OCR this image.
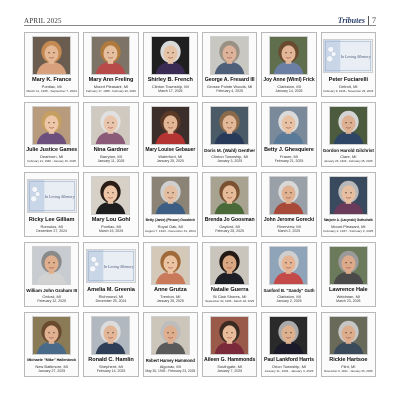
APRIL 2025	Tributes 7
Mary K. France
Pontiac, MI
March 11, 1935 - September 7, 2024
Mary Ann Freling
Mount Pleasant, MI
February 17, 1958 - February 20, 2025
Shirley B. French
Clinton Township, MI
March 17, 2025
George A. Fresard III
Grosse Pointe Woods, MI
February 4, 2025
Joy Anne (Wiml) Frick
Clarkston, MI
January 14, 2025
In Loving Memory
Peter Fuciarelli
Detroit, MI
February 9, 1946 - November 29, 2024
Julie Justice Games
Dearborn, MI
February 21, 1960 - January 16, 2025
Nina Gardner
Barryton, MI
January 11, 2025
Mary Louise Gebauer
Waterford, MI
January 25, 2025
Doris M. (Wahl) Genther
Clinton Township, MI
January 3, 2025
Betty J. Ghesquiere
Fraser, MI
February 21, 2025
Gordon Harold Gilchrist
Clare, MI
January 26, 1933 - February 25, 2025
In Loving Memory
Ricky Lee Gilliam
Romulus, MI
December 27, 2024
Mary Lou Gohl
Pontiac, MI
March 19, 2025
Betty (Janie) (Pinson) Goodrich
Royal Oak, MI
August 7, 1943 - December 31, 2024
Brenda Jo Goosman
Gaylord, MI
February 25, 2025
John Jerome Gorecki
Riverview, MI
March 2, 2025
Marjorie A. (Lacynski) Gottschalk
Mount Pleasant, MI
February 2, 1937 - February 2, 2025
William John Graham III
Oxford, MI
February 12, 2025
In Loving Memory
Amelia M. Greenia
Richmond, MI
December 25, 2024
Anne Grutza
Trenton, MI
January 25, 2025
Natalie Guerra
St Clair Shores, MI
September 30, 1966 - March 18, 2025
Sanford B. "Sandy" Guth
Clarkston, MI
January 2, 2025
Lawrence Hale
Weidman, MI
March 23, 2025
Michaele "Mike" Hallenbeck
New Baltimore, MI
January 27, 2025
Ronald C. Hamlin
Shepherd, MI
February 14, 2025
Robert Harvey Hammond
Algonac, MI
May 30, 1949 - February 23, 2025
Aileen G. Hammonds
Southgate, MI
January 7, 2025
Paul Lankford Harris
Orion Township, MI
January 11, 1934 - January 3, 2025
Rickie Hartsoe
Flint, MI
November 9, 1941 - January 25, 2025
